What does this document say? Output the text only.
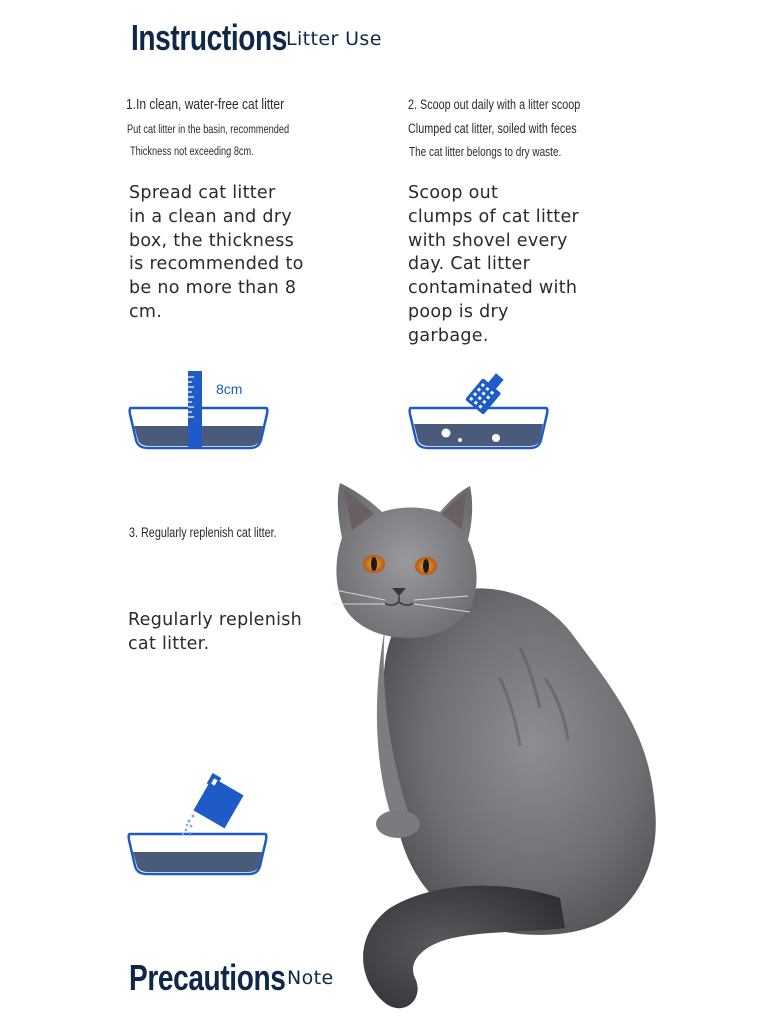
Instructions
Litter Use
1.In clean, water-free cat litter
Put cat litter in the basin, recommended
Thickness not exceeding 8cm.
Spread cat litter
in a clean and dry
box, the thickness
is recommended to
be no more than 8
cm.
8cm
2. Scoop out daily with a litter scoop
Clumped cat litter, soiled with feces
The cat litter belongs to dry waste.
Scoop out
clumps of cat litter
with shovel every
day. Cat litter
contaminated with
poop is dry
garbage.
3. Regularly replenish cat litter.
Regularly replenish
cat litter.
Precautions Note
